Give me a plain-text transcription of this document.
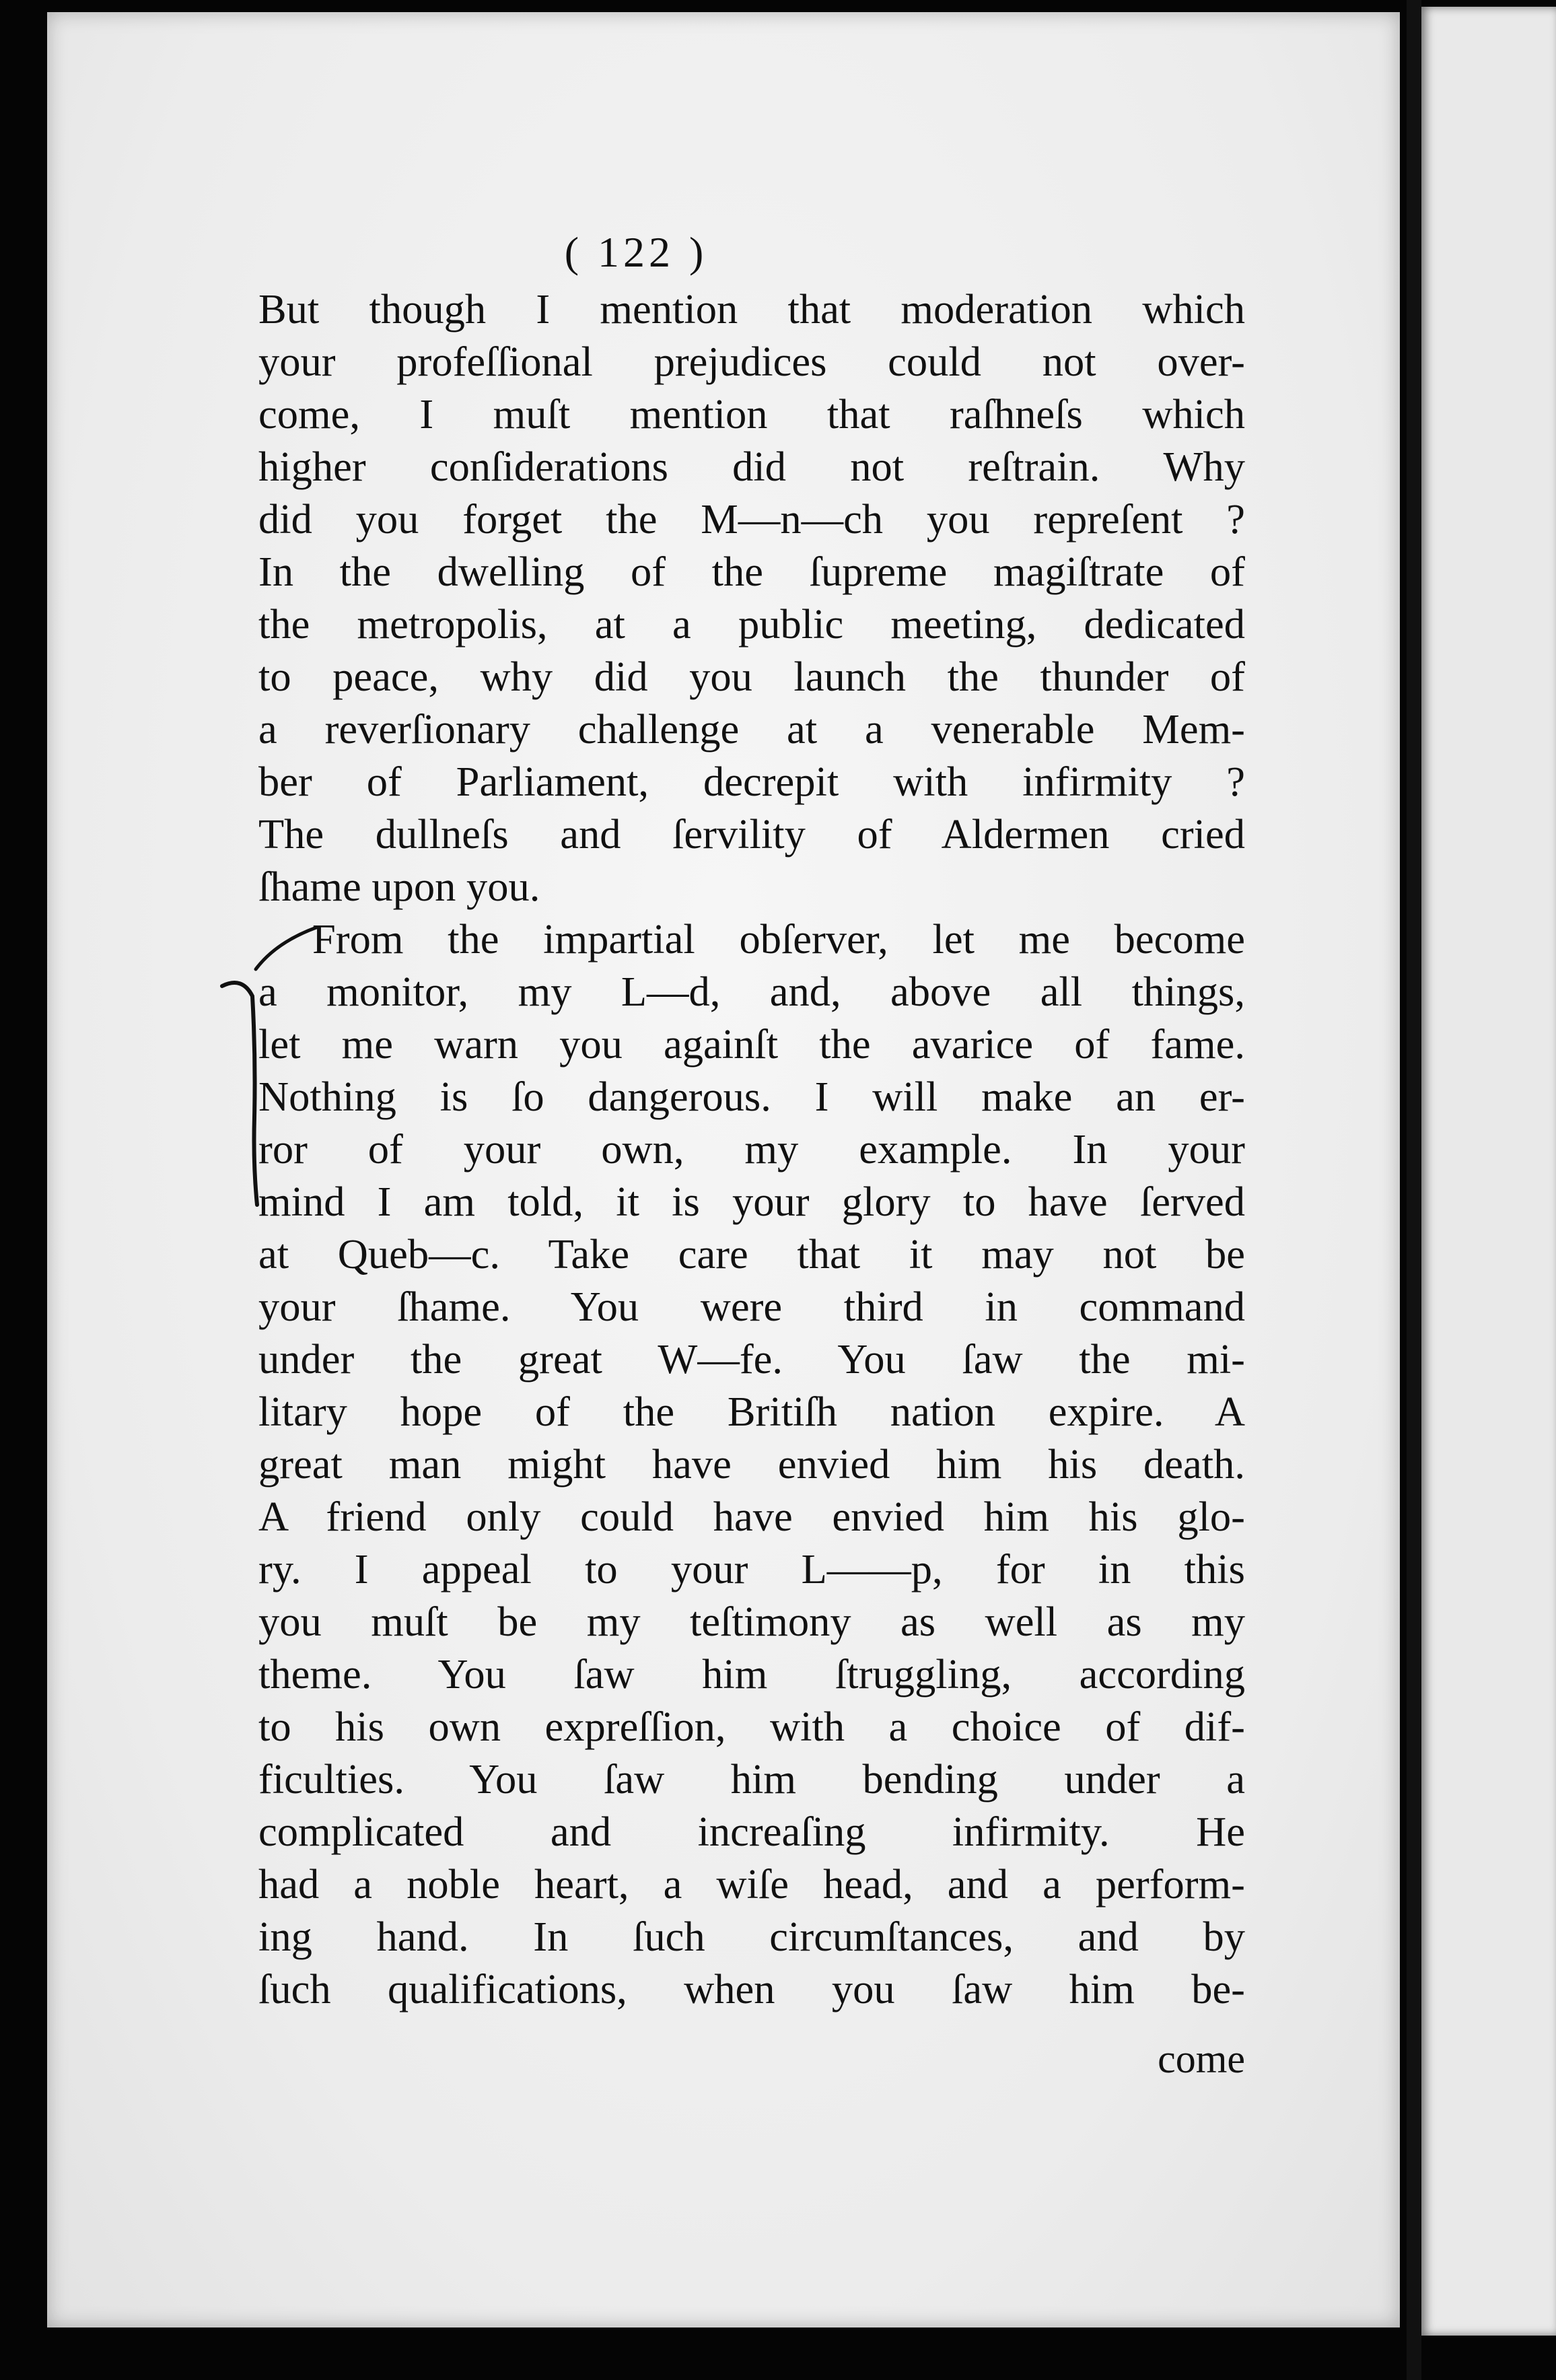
( 122 )
But though I mention that moderation which
your profeſſional prejudices could not over-
come, I muſt mention that raſhneſs which
higher conſiderations did not reſtrain. Why
did you forget the M—n—ch you repreſent ?
In the dwelling of the ſupreme magiſtrate of
the metropolis, at a public meeting, dedicated
to peace, why did you launch the thunder of
a reverſionary challenge at a venerable Mem-
ber of Parliament, decrepit with infirmity ?
The dullneſs and ſervility of Aldermen cried
ſhame upon you.
From the impartial obſerver, let me become
a monitor, my L—d, and, above all things,
let me warn you againſt the avarice of fame.
Nothing is ſo dangerous. I will make an er-
ror of your own, my example. In your
mind I am told, it is your glory to have ſerved
at Queb—c. Take care that it may not be
your ſhame. You were third in command
under the great W—fe. You ſaw the mi-
litary hope of the Britiſh nation expire. A
great man might have envied him his death.
A friend only could have envied him his glo-
ry. I appeal to your L——p, for in this
you muſt be my teſtimony as well as my
theme. You ſaw him ſtruggling, according
to his own expreſſion, with a choice of dif-
ficulties. You ſaw him bending under a
complicated and increaſing infirmity. He
had a noble heart, a wiſe head, and a perform-
ing hand. In ſuch circumſtances, and by
ſuch qualifications, when you ſaw him be-
come
